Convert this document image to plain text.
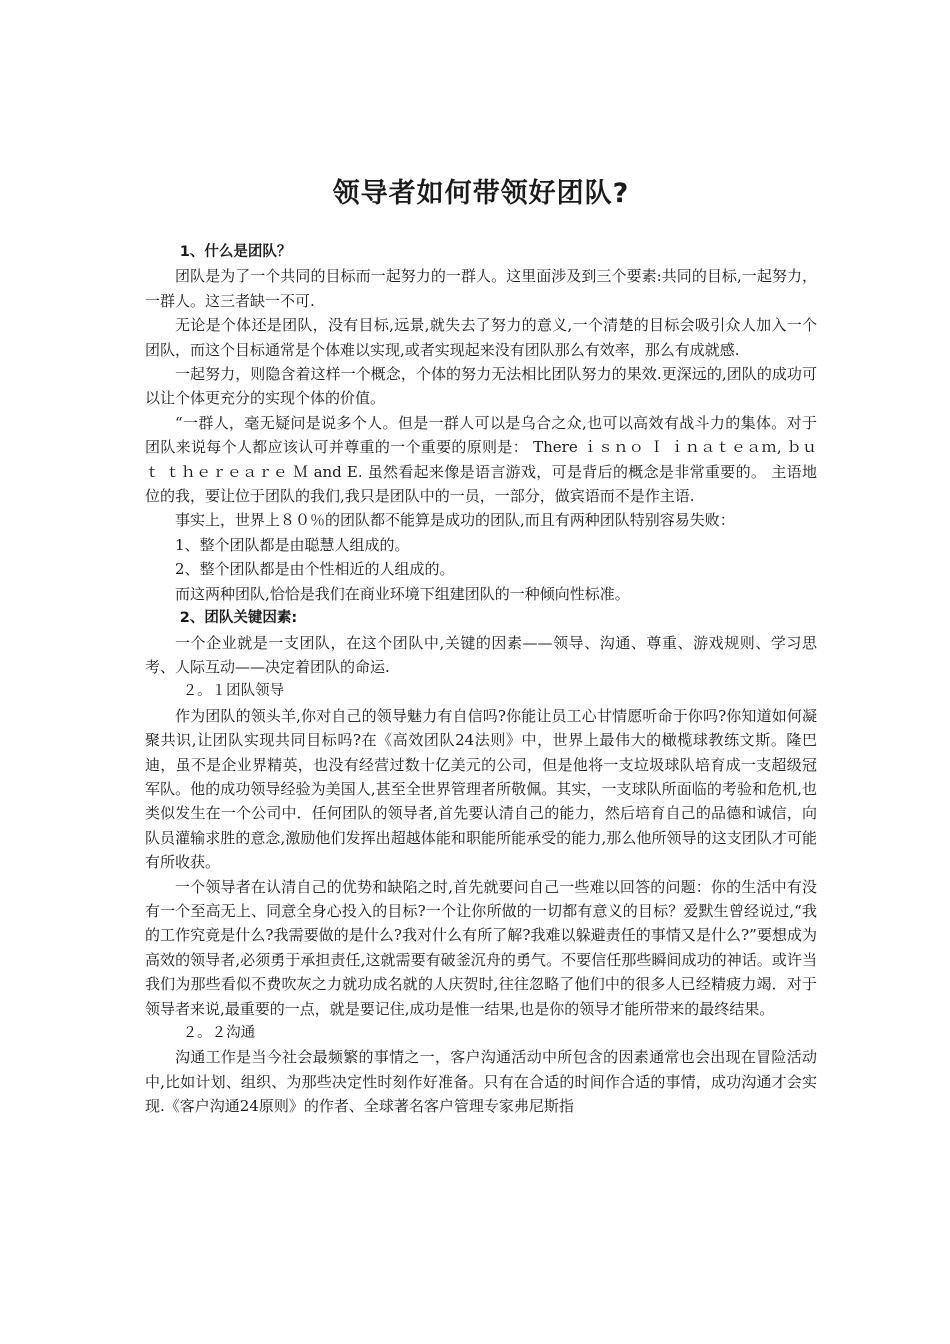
领导者如何带领好团队?

1、什么是团队？

团队是为了一个共同的目标而一起努力的一群人。这里面涉及到三个要素:共同的目标,一起努力，一群人。这三者缺一不可.

无论是个体还是团队，没有目标,远景,就失去了努力的意义,一个清楚的目标会吸引众人加入一个团队，而这个目标通常是个体难以实现,或者实现起来没有团队那么有效率，那么有成就感.

一起努力，则隐含着这样一个概念，个体的努力无法相比团队努力的果效.更深远的,团队的成功可以让个体更充分的实现个体的价值。

“一群人，毫无疑问是说多个人。但是一群人可以是乌合之众,也可以高效有战斗力的集体。对于团队来说每个人都应该认可并尊重的一个重要的原则是： There ｉｓｎｏ Ｉ ｉｎａｔｅａｍ, ｂｕｔ ｔｈｅｒｅａｒｅ Ｍ and E. 虽然看起来像是语言游戏，可是背后的概念是非常重要的。 主语地位的我，要让位于团队的我们,我只是团队中的一员，一部分，做宾语而不是作主语.

事实上，世界上８０％的团队都不能算是成功的团队,而且有两种团队特别容易失败：

1、整个团队都是由聪慧人组成的。

2、整个团队都是由个性相近的人组成的。

而这两种团队,恰恰是我们在商业环境下组建团队的一种倾向性标准。

2、团队关键因素:

一个企业就是一支团队，在这个团队中,关键的因素——领导、沟通、尊重、游戏规则、学习思考、人际互动——决定着团队的命运.

２。１团队领导

作为团队的领头羊,你对自己的领导魅力有自信吗?你能让员工心甘情愿听命于你吗?你知道如何凝聚共识,让团队实现共同目标吗?在《高效团队24法则》中，世界上最伟大的橄榄球教练文斯。隆巴迪，虽不是企业界精英，也没有经营过数十亿美元的公司，但是他将一支垃圾球队培育成一支超级冠军队。他的成功领导经验为美国人,甚至全世界管理者所敬佩。其实，一支球队所面临的考验和危机,也类似发生在一个公司中．任何团队的领导者,首先要认清自己的能力，然后培育自己的品德和诚信，向队员灌输求胜的意念,激励他们发挥出超越体能和职能所能承受的能力,那么他所领导的这支团队才可能有所收获。

一个领导者在认清自己的优势和缺陷之时,首先就要问自己一些难以回答的问题：你的生活中有没有一个至高无上、同意全身心投入的目标?一个让你所做的一切都有意义的目标？爱默生曾经说过,“我的工作究竟是什么?我需要做的是什么?我对什么有所了解?我难以躲避责任的事情又是什么?”要想成为高效的领导者,必须勇于承担责任,这就需要有破釜沉舟的勇气。不要信任那些瞬间成功的神话。或许当我们为那些看似不费吹灰之力就功成名就的人庆贺时,往往忽略了他们中的很多人已经精疲力竭．对于领导者来说,最重要的一点，就是要记住,成功是惟一结果,也是你的领导才能所带来的最终结果。

２。２沟通

沟通工作是当今社会最频繁的事情之一，客户沟通活动中所包含的因素通常也会出现在冒险活动中,比如计划、组织、为那些决定性时刻作好准备。只有在合适的时间作合适的事情，成功沟通才会实现.《客户沟通24原则》的作者、全球著名客户管理专家弗尼斯指
